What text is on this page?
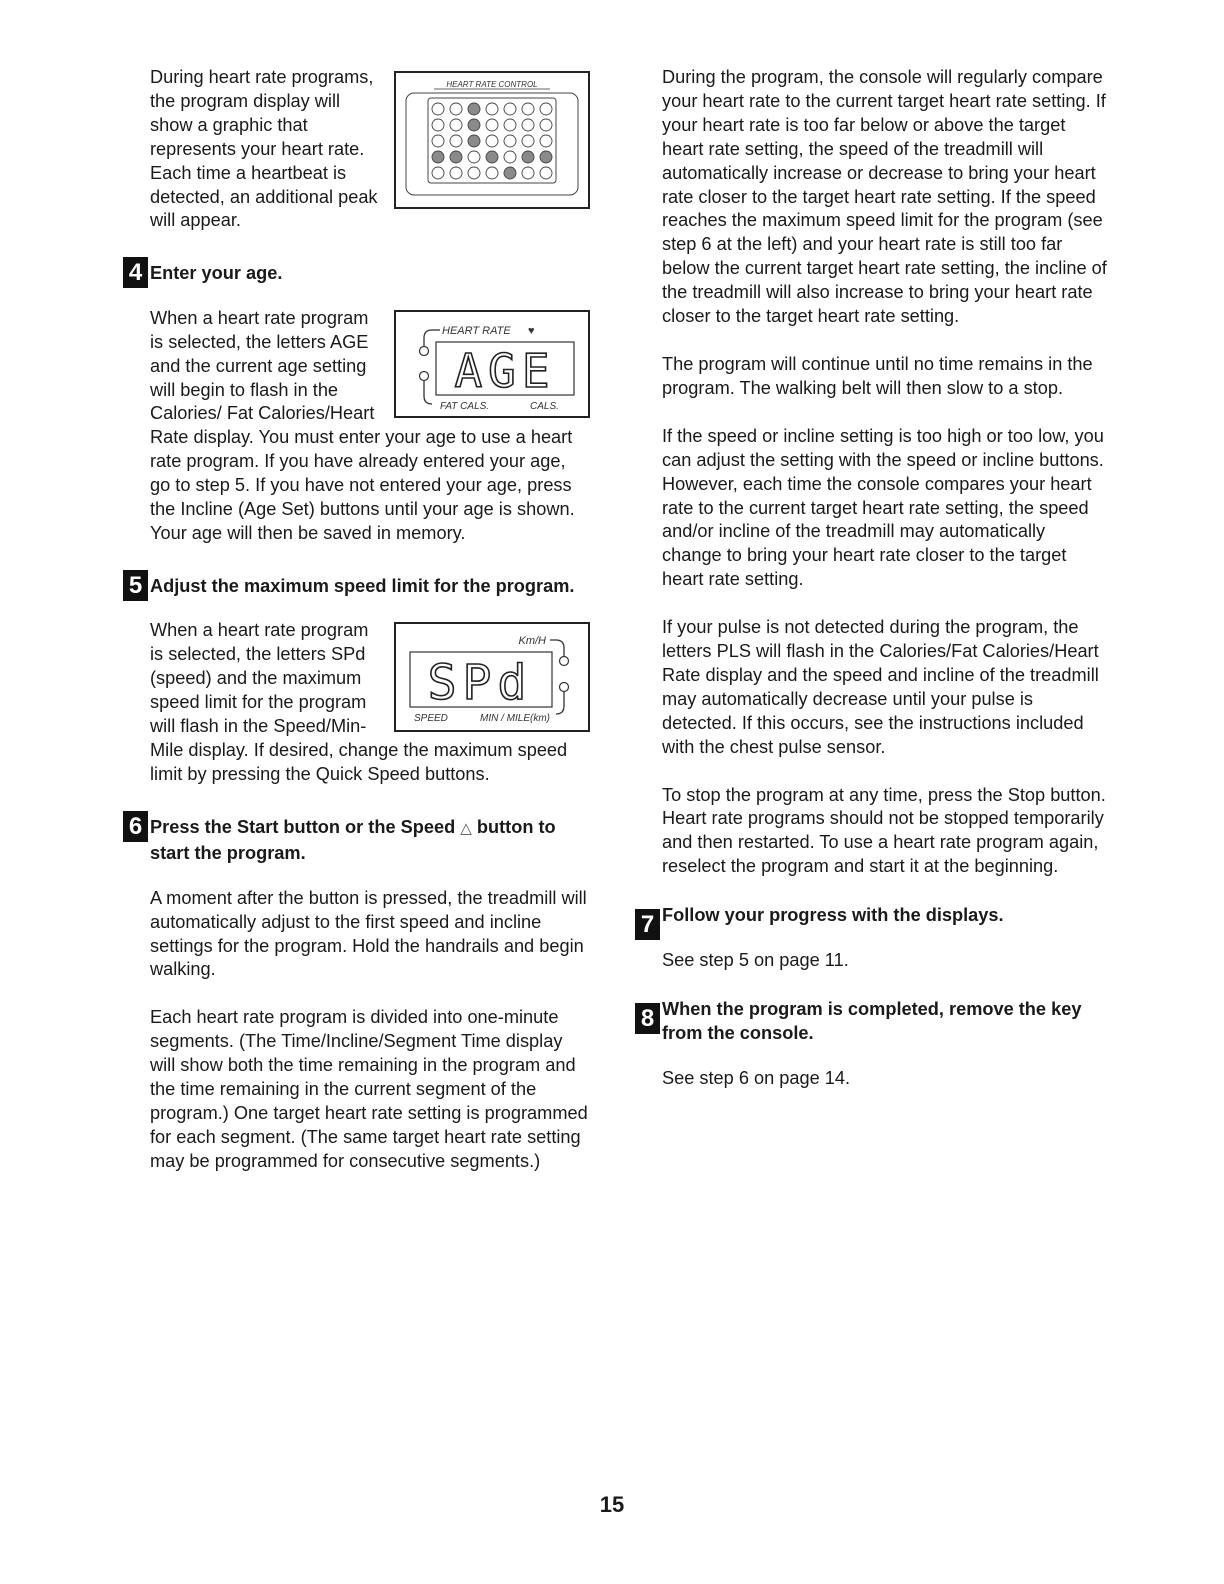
HEART RATE CONTROL

During heart rate programs, the program display will show a graphic that represents your heart rate. Each time a heartbeat is detected, an additional peak will appear.

4 Enter your age.
HEART RATE ♥
AGE
FAT CALS.	CALS.

When a heart rate program is selected, the letters AGE and the current age setting will begin to flash in the Calories/ Fat Calories/Heart Rate display. You must enter your age to use a heart rate program. If you have already entered your age, go to step 5. If you have not entered your age, press the Incline (Age Set) buttons until your age is shown. Your age will then be saved in memory.

5 Adjust the maximum speed limit for the program.
Km/H
SPd
SPEED	MIN / MILE(km)

When a heart rate program is selected, the letters SPd (speed) and the maximum speed limit for the program will flash in the Speed/Min-Mile display. If desired, change the maximum speed limit by pressing the Quick Speed buttons.

6 Press the Start button or the Speed △ button to start the program.

A moment after the button is pressed, the treadmill will automatically adjust to the first speed and incline settings for the program. Hold the handrails and begin walking.

Each heart rate program is divided into one-minute segments. (The Time/Incline/Segment Time display will show both the time remaining in the program and the time remaining in the current segment of the program.) One target heart rate setting is programmed for each segment. (The same target heart rate setting may be programmed for consecutive segments.)

During the program, the console will regularly compare your heart rate to the current target heart rate setting. If your heart rate is too far below or above the target heart rate setting, the speed of the treadmill will automatically increase or decrease to bring your heart rate closer to the target heart rate setting. If the speed reaches the maximum speed limit for the program (see step 6 at the left) and your heart rate is still too far below the current target heart rate setting, the incline of the treadmill will also increase to bring your heart rate closer to the target heart rate setting.

The program will continue until no time remains in the program. The walking belt will then slow to a stop.

If the speed or incline setting is too high or too low, you can adjust the setting with the speed or incline buttons. However, each time the console compares your heart rate to the current target heart rate setting, the speed and/or incline of the treadmill may automatically change to bring your heart rate closer to the target heart rate setting.

If your pulse is not detected during the program, the letters PLS will flash in the Calories/Fat Calories/Heart Rate display and the speed and incline of the treadmill may automatically decrease until your pulse is detected. If this occurs, see the instructions included with the chest pulse sensor.

To stop the program at any time, press the Stop button. Heart rate programs should not be stopped temporarily and then restarted. To use a heart rate program again, reselect the program and start it at the beginning.

7 Follow your progress with the displays.

See step 5 on page 11.

8 When the program is completed, remove the key from the console.

See step 6 on page 14.

15
